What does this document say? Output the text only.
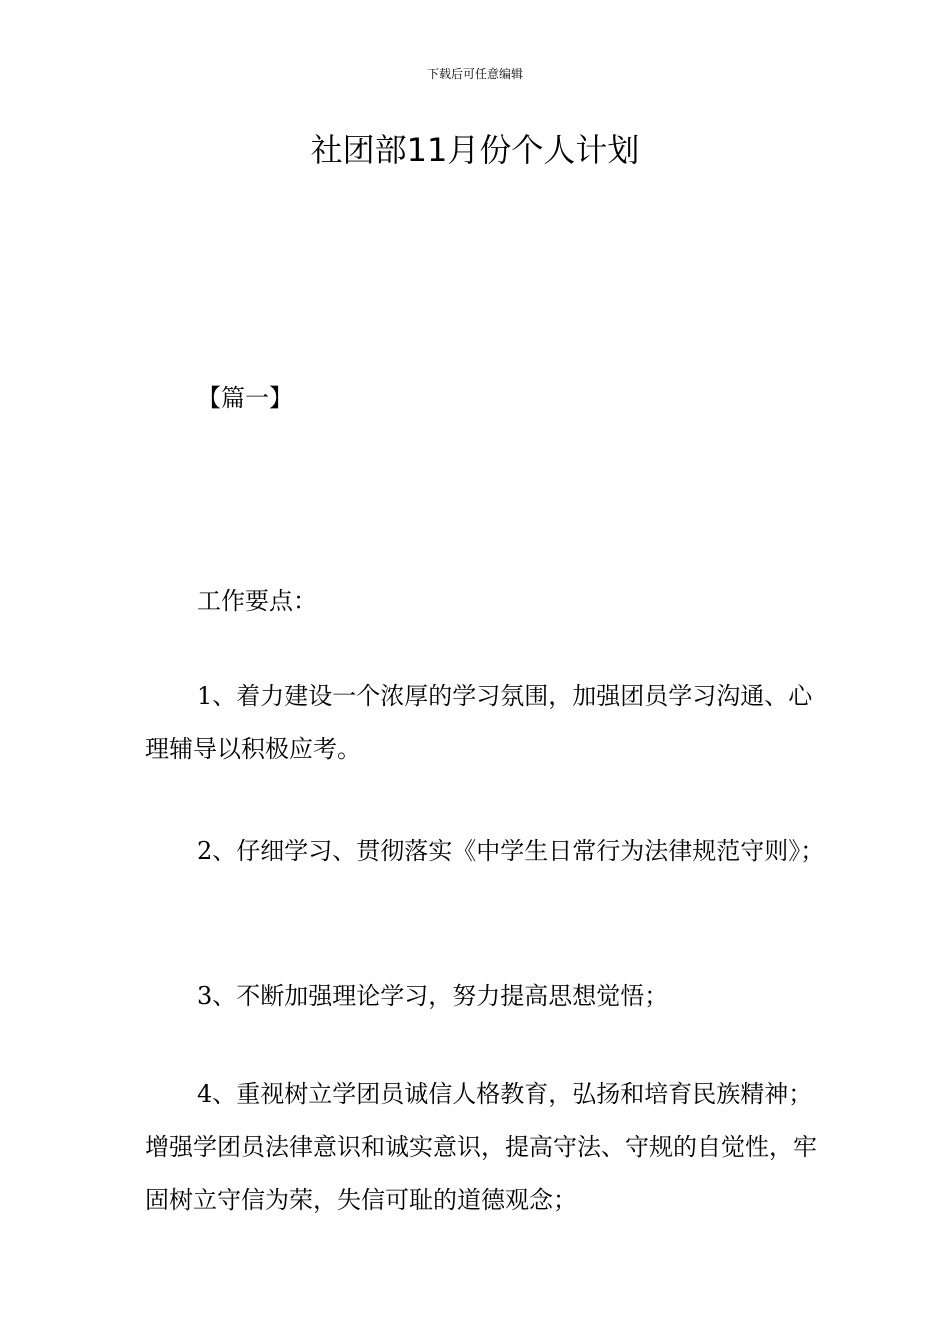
下载后可任意编辑
社团部11月份个人计划
【篇一】

工作要点：

1、着力建设一个浓厚的学习氛围，加强团员学习沟通、心理辅导以积极应考。

2、仔细学习、贯彻落实《中学生日常行为法律规范守则》；

3、不断加强理论学习，努力提高思想觉悟；

4、重视树立学团员诚信人格教育，弘扬和培育民族精神；增强学团员法律意识和诚实意识，提高守法、守规的自觉性，牢固树立守信为荣，失信可耻的道德观念；
